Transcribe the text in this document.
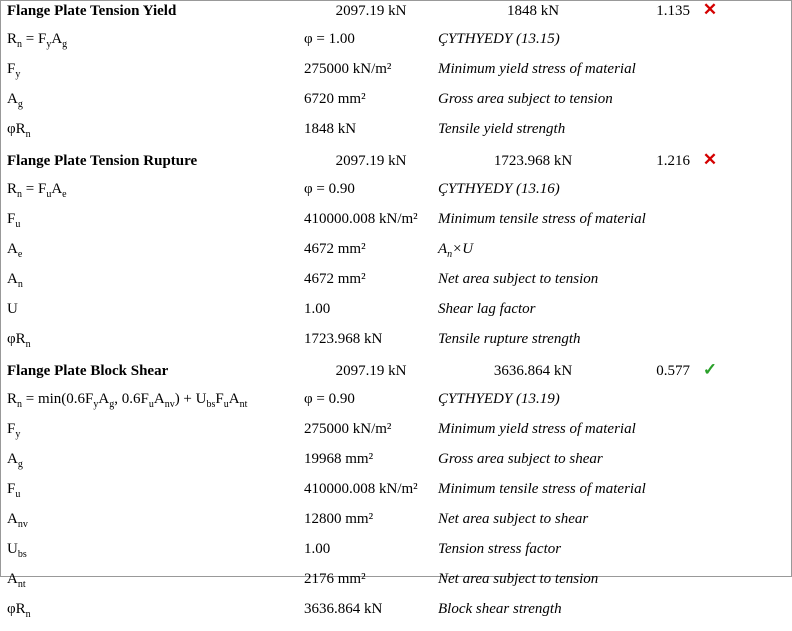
Flange Plate Tension Yield	2097.19 kN	1848 kN	1.135 ✕
$R_n = F_yA_g$	φ = 1.00	ÇYTHYEDY (13.15)
$F_y$	275000 kN/m²	Minimum yield stress of material
$A_g$	6720 mm²	Gross area subject to tension
$\varphi R_n$	1848 kN	Tensile yield strength
Flange Plate Tension Rupture	2097.19 kN	1723.968 kN	1.216 ✕
$R_n = F_uA_e$	φ = 0.90	ÇYTHYEDY (13.16)
$F_u$	410000.008 kN/m²	Minimum tensile stress of material
$A_e$	4672 mm²	$A_n\times U$
$A_n$	4672 mm²	Net area subject to tension
U	1.00	Shear lag factor
$\varphi R_n$	1723.968 kN	Tensile rupture strength
Flange Plate Block Shear	2097.19 kN	3636.864 kN	0.577 ✓
$R_n = \min(0.6F_yA_g$, $0.6F_uA_{nv}) + U_{bs}F_uA_{nt}$	φ = 0.90	ÇYTHYEDY (13.19)
$F_y$	275000 kN/m²	Minimum yield stress of material
$A_g$	19968 mm²	Gross area subject to shear
$F_u$	410000.008 kN/m²	Minimum tensile stress of material
$A_{nv}$	12800 mm²	Net area subject to shear
$U_{bs}$	1.00	Tension stress factor
$A_{nt}$	2176 mm²	Net area subject to tension
$\varphi R_n$	3636.864 kN	Block shear strength
